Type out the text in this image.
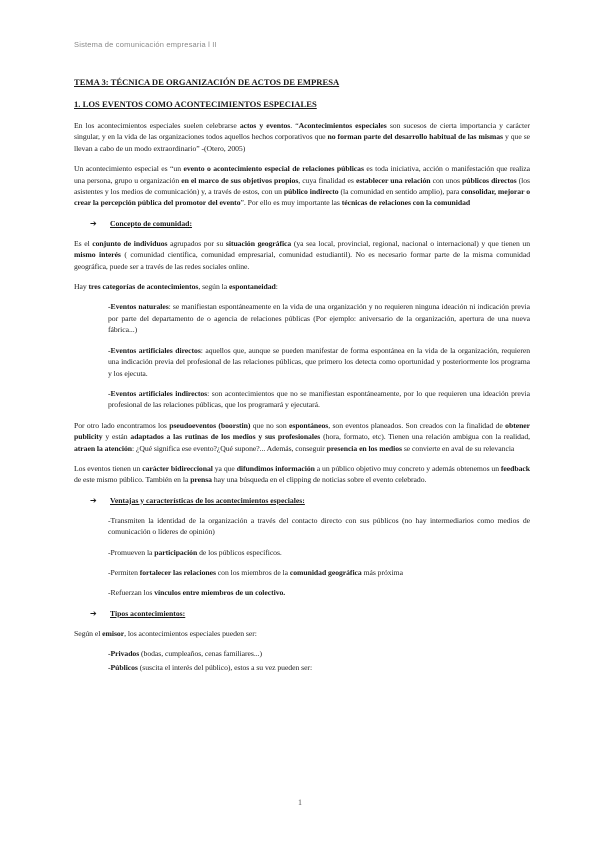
Sistema de comunicación empresaria l II
TEMA 3: TÉCNICA DE ORGANIZACIÓN DE ACTOS DE EMPRESA
1. LOS EVENTOS COMO ACONTECIMIENTOS ESPECIALES

En los acontecimientos especiales suelen celebrarse actos y eventos. “Acontecimientos especiales son sucesos de cierta importancia y carácter singular, y en la vida de las organizaciones todos aquellos hechos corporativos que no forman parte del desarrollo habitual de las mismas y que se llevan a cabo de un modo extraordinario” -(Otero, 2005)

Un acontecimiento especial es “un evento o acontecimiento especial de relaciones públicas es toda iniciativa, acción o manifestación que realiza una persona, grupo u organización en el marco de sus objetivos propios, cuya finalidad es establecer una relación con unos públicos directos (los asistentes y los medios de comunicación) y, a través de estos, con un público indirecto (la comunidad en sentido amplio), para consolidar, mejorar o crear la percepción pública del promotor del evento”. Por ello es muy importante las técnicas de relaciones con la comunidad

➔	Concepto de comunidad:

Es el conjunto de individuos agrupados por su situación geográfica (ya sea local, provincial, regional, nacional o internacional) y que tienen un mismo interés ( comunidad científica, comunidad empresarial, comunidad estudiantil). No es necesario formar parte de la misma comunidad geográfica, puede ser a través de las redes sociales online.

Hay tres categorías de acontecimientos, según la espontaneidad:

-Eventos naturales: se manifiestan espontáneamente en la vida de una organización y no requieren ninguna ideación ni indicación previa por parte del departamento de o agencia de relaciones públicas (Por ejemplo: aniversario de la organización, apertura de una nueva fábrica...)

-Eventos artificiales directos: aquellos que, aunque se pueden manifestar de forma espontánea en la vida de la organización, requieren una indicación previa del profesional de las relaciones públicas, que primero los detecta como oportunidad y posteriormente los programa y los ejecuta.

-Eventos artificiales indirectos: son acontecimientos que no se manifiestan espontáneamente, por lo que requieren una ideación previa profesional de las relaciones públicas, que los programará y ejecutará.

Por otro lado encontramos los pseudoeventos (boorstin) que no son espontáneos, son eventos planeados. Son creados con la finalidad de obtener publicity y están adaptados a las rutinas de los medios y sus profesionales (hora, formato, etc). Tienen una relación ambigua con la realidad, atraen la atención: ¿Qué significa ese evento?¿Qué supone?... Además, conseguir presencia en los medios se convierte en aval de su relevancia

Los eventos tienen un carácter bidireccional ya que difundimos información a un público objetivo muy concreto y además obtenemos un feedback de este mismo público. También en la prensa hay una búsqueda en el clipping de noticias sobre el evento celebrado.

➔	Ventajas y características de los acontecimientos especiales:

-Transmiten la identidad de la organización a través del contacto directo con sus públicos (no hay intermediarios como medios de comunicación o líderes de opinión)

-Promueven la participación de los públicos específicos.

-Permiten fortalecer las relaciones con los miembros de la comunidad geográfica más próxima

-Refuerzan los vínculos entre miembros de un colectivo.

➔	Tipos acontecimientos:

Según el emisor, los acontecimientos especiales pueden ser:

-Privados (bodas, cumpleaños, cenas familiares...)

-Públicos (suscita el interés del público), estos a su vez pueden ser:

1
